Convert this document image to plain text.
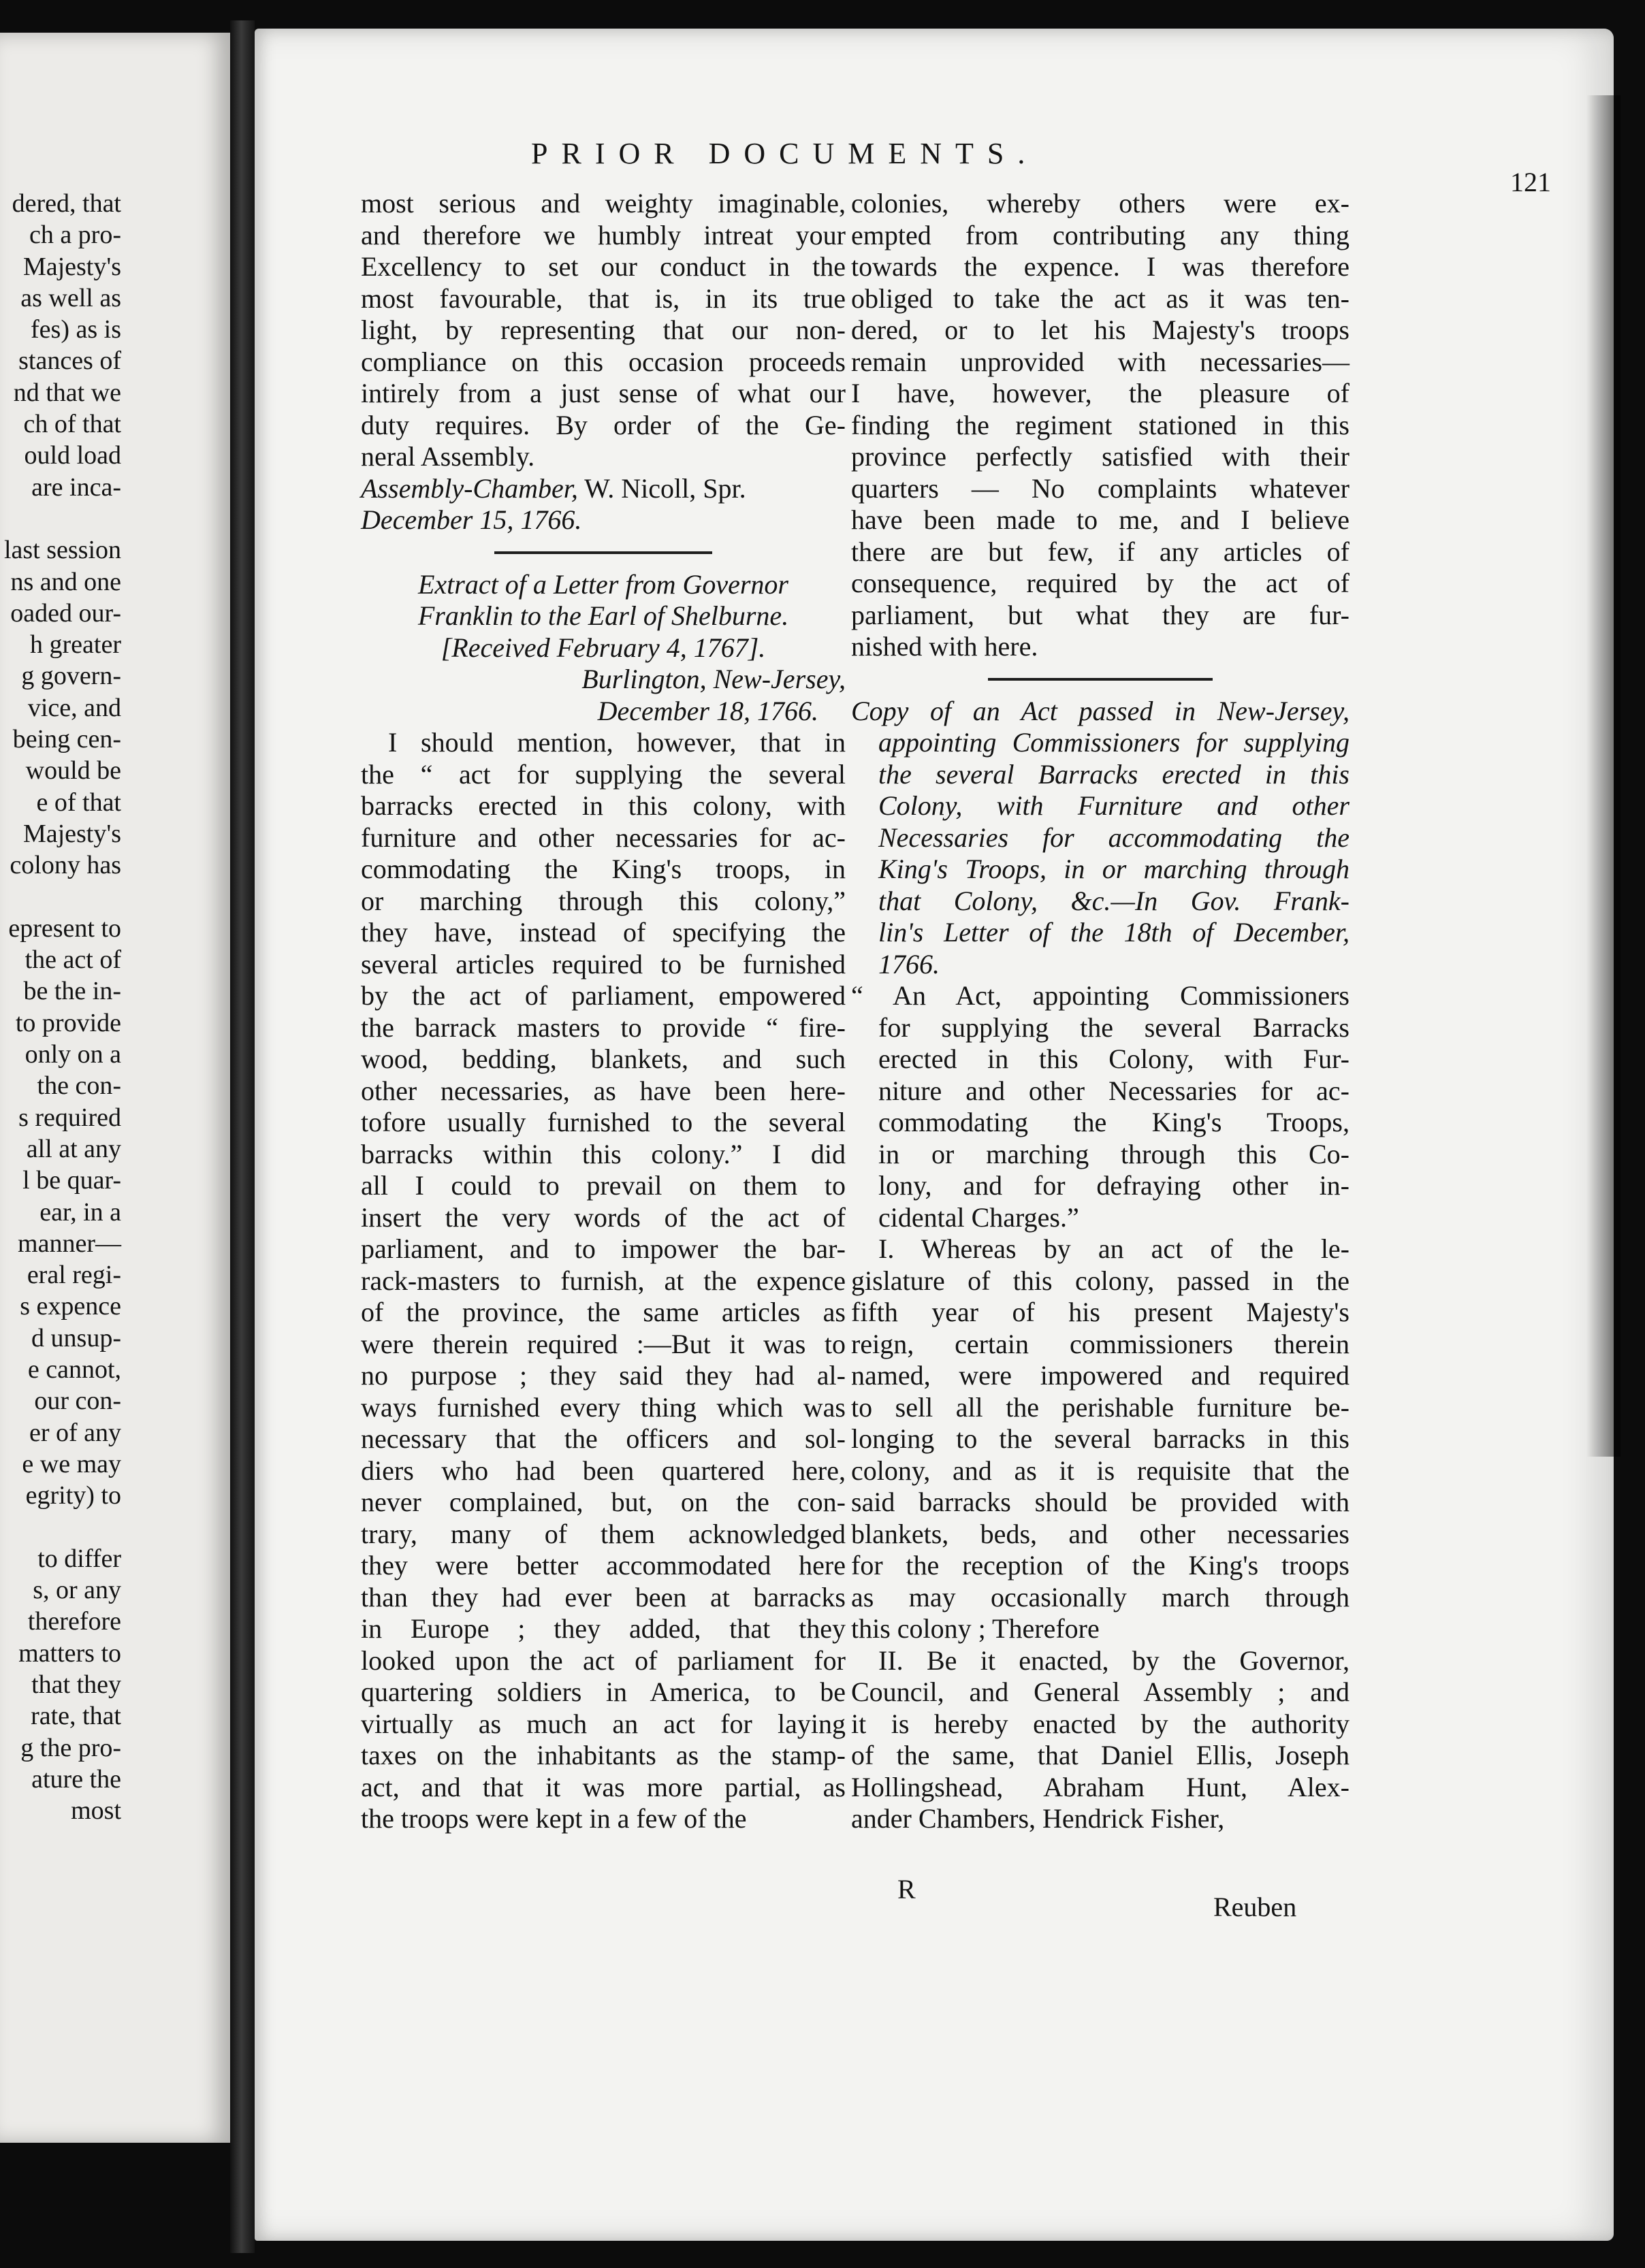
dered, that
ch a pro-
Majesty's
as well as
fes) as is
stances of
nd that we
ch of that
ould load
are inca-
last session
ns and one
oaded our-
h greater
g govern-
vice, and
being cen-
would be
e of that
Majesty's
colony has
epresent to
the act of
be the in-
to provide
only on a
the con-
s required
all at any
l be quar-
ear, in a
manner—
eral regi-
s expence
d unsup-
e cannot,
our con-
er of any
e we may
egrity) to
to differ
s, or any
therefore
matters to
that they
rate, that
g the pro-
ature the
most
PRIOR DOCUMENTS.
121
most serious and weighty imaginable,
and therefore we humbly intreat your
Excellency to set our conduct in the
most favourable, that is, in its true
light, by representing that our non-
compliance on this occasion proceeds
intirely from a just sense of what our
duty requires. By order of the Ge-
neral Assembly.
Assembly-Chamber, W. Nicoll, Spr.
December 15, 1766.
Extract of a Letter from Governor
Franklin to the Earl of Shelburne.
[Received February 4, 1767].
Burlington, New-Jersey,
December 18, 1766.
I should mention, however, that in
the “ act for supplying the several
barracks erected in this colony, with
furniture and other necessaries for ac-
commodating the King's troops, in
or marching through this colony,”
they have, instead of specifying the
several articles required to be furnished
by the act of parliament, empowered
the barrack masters to provide “ fire-
wood, bedding, blankets, and such
other necessaries, as have been here-
tofore usually furnished to the several
barracks within this colony.” I did
all I could to prevail on them to
insert the very words of the act of
parliament, and to impower the bar-
rack-masters to furnish, at the expence
of the province, the same articles as
were therein required :—But it was to
no purpose ; they said they had al-
ways furnished every thing which was
necessary that the officers and sol-
diers who had been quartered here,
never complained, but, on the con-
trary, many of them acknowledged
they were better accommodated here
than they had ever been at barracks
in Europe ; they added, that they
looked upon the act of parliament for
quartering soldiers in America, to be
virtually as much an act for laying
taxes on the inhabitants as the stamp-
act, and that it was more partial, as
the troops were kept in a few of the
colonies, whereby others were ex-
empted from contributing any thing
towards the expence. I was therefore
obliged to take the act as it was ten-
dered, or to let his Majesty's troops
remain unprovided with necessaries—
I have, however, the pleasure of
finding the regiment stationed in this
province perfectly satisfied with their
quarters — No complaints whatever
have been made to me, and I believe
there are but few, if any articles of
consequence, required by the act of
parliament, but what they are fur-
nished with here.
Copy of an Act passed in New-Jersey,
appointing Commissioners for supplying
the several Barracks erected in this
Colony, with Furniture and other
Necessaries for accommodating the
King's Troops, in or marching through
that Colony, &c.—In Gov. Frank-
lin's Letter of the 18th of December,
1766.
“ An Act, appointing Commissioners
for supplying the several Barracks
erected in this Colony, with Fur-
niture and other Necessaries for ac-
commodating the King's Troops,
in or marching through this Co-
lony, and for defraying other in-
cidental Charges.”
I. Whereas by an act of the le-
gislature of this colony, passed in the
fifth year of his present Majesty's
reign, certain commissioners therein
named, were impowered and required
to sell all the perishable furniture be-
longing to the several barracks in this
colony, and as it is requisite that the
said barracks should be provided with
blankets, beds, and other necessaries
for the reception of the King's troops
as may occasionally march through
this colony ; Therefore
II. Be it enacted, by the Governor,
Council, and General Assembly ; and
it is hereby enacted by the authority
of the same, that Daniel Ellis, Joseph
Hollingshead, Abraham Hunt, Alex-
ander Chambers, Hendrick Fisher,
R
Reuben
